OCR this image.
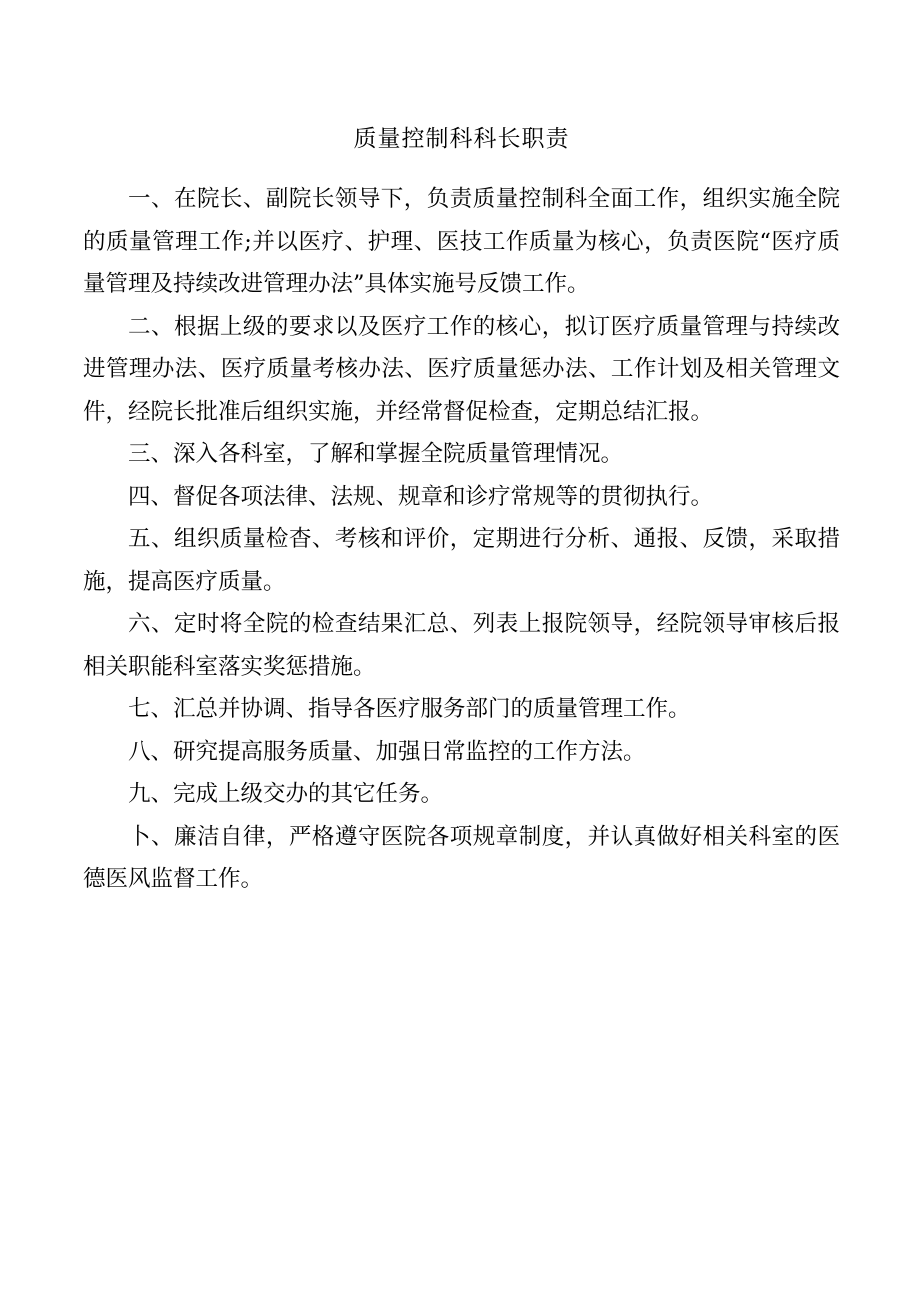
质量控制科科长职责

一、在院长、副院长领导下，负责质量控制科全面工作，组织实施全院的质量管理工作;并以医疗、护理、医技工作质量为核心，负责医院“医疗质量管理及持续改进管理办法”具体实施号反馈工作。

二、根据上级的要求以及医疗工作的核心，拟订医疗质量管理与持续改进管理办法、医疗质量考核办法、医疗质量惩办法、工作计划及相关管理文件，经院长批准后组织实施，并经常督促检查，定期总结汇报。

三、深入各科室，了解和掌握全院质量管理情况。

四、督促各项法律、法规、规章和诊疗常规等的贯彻执行。

五、组织质量检杳、考核和评价，定期进行分析、通报、反馈，采取措施，提高医疗质量。

六、定时将全院的检查结果汇总、列表上报院领导，经院领导审核后报相关职能科室落实奖惩措施。

七、汇总并协调、指导各医疗服务部门的质量管理工作。

八、研究提高服务质量、加强日常监控的工作方法。

九、完成上级交办的其它任务。

卜、廉洁自律，严格遵守医院各项规章制度，并认真做好相关科室的医德医风监督工作。
